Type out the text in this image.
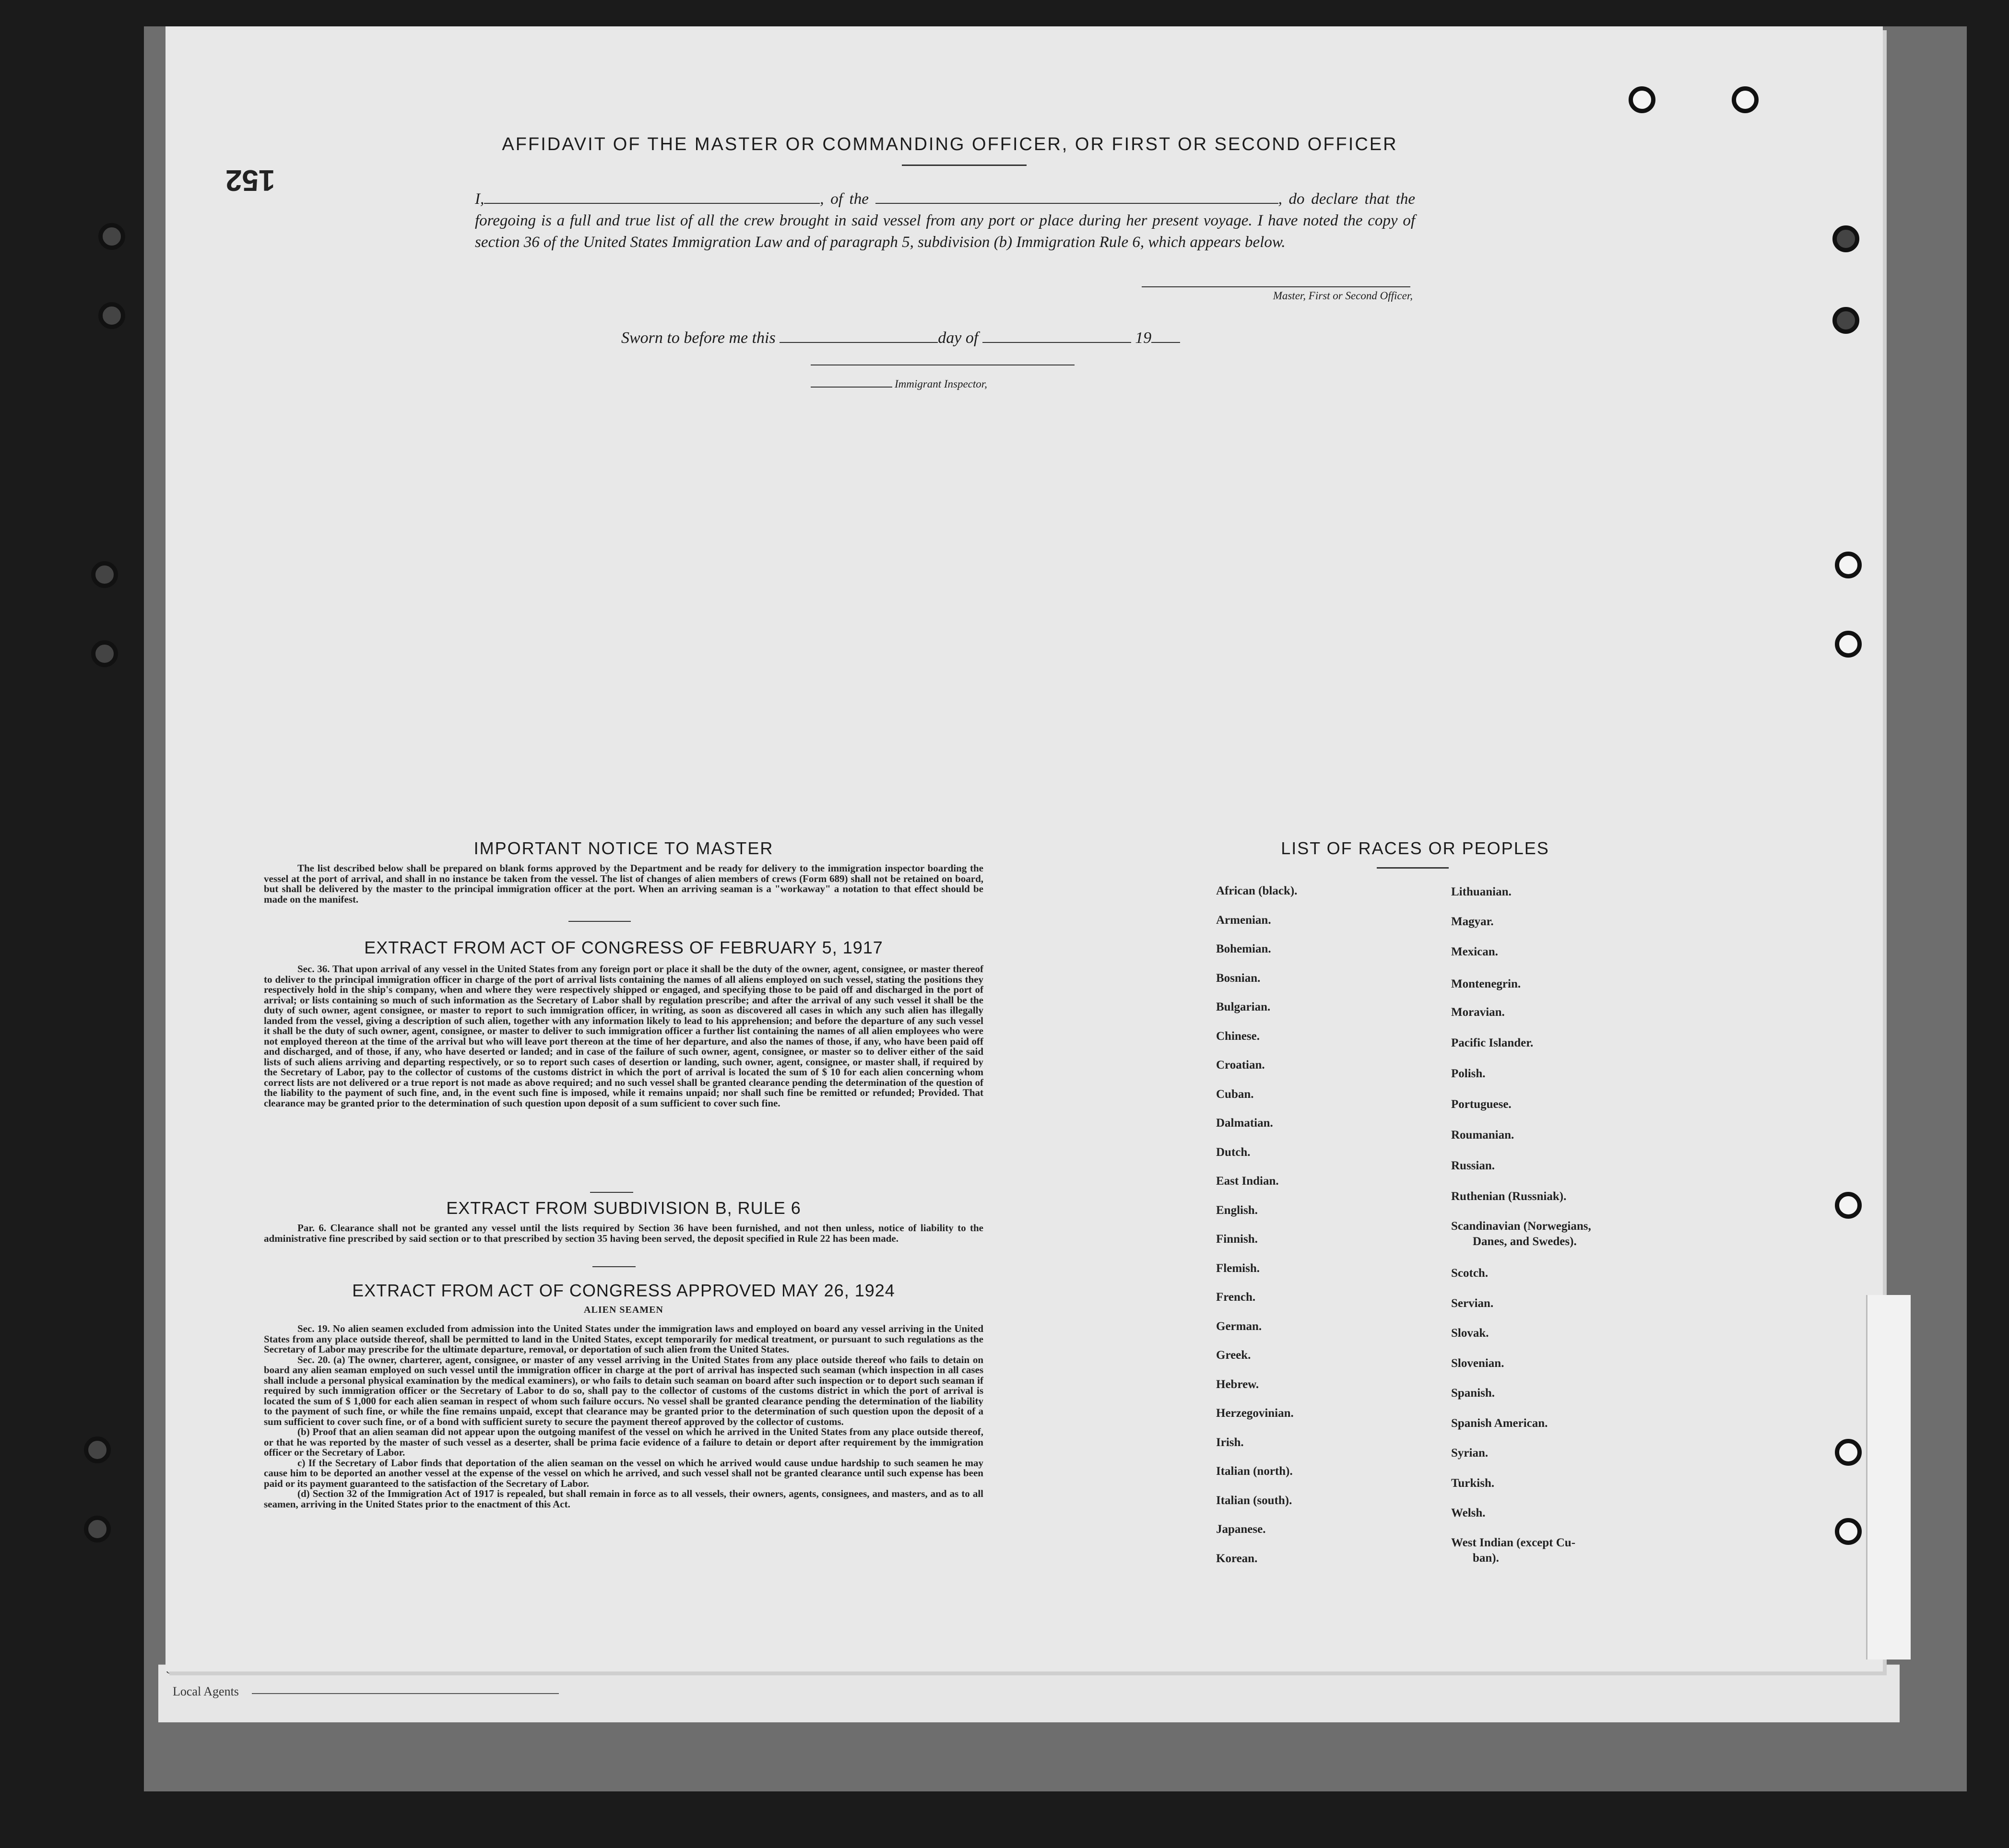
Local Agents
152
AFFIDAVIT OF THE MASTER OR COMMANDING OFFICER, OR FIRST OR SECOND OFFICER
I,	, of the	, do declare that the foregoing is a full and true list of all the crew brought in said vessel from any port or place during her present voyage. I have noted the copy of section 36 of the United States Immigration Law and of paragraph 5, subdivision (b) Immigration Rule 6, which appears below.
Master, First or Second Officer,
Sworn to before me this	day of	19
Immigrant Inspector,
IMPORTANT NOTICE TO MASTER

The list described below shall be prepared on blank forms approved by the Department and be ready for delivery to the immigration inspector boarding the vessel at the port of arrival, and shall in no instance be taken from the vessel. The list of changes of alien members of crews (Form 689) shall not be retained on board, but shall be delivered by the master to the principal immigration officer at the port. When an arriving seaman is a "workaway" a notation to that effect should be made on the manifest.

EXTRACT FROM ACT OF CONGRESS OF FEBRUARY 5, 1917

Sec. 36. That upon arrival of any vessel in the United States from any foreign port or place it shall be the duty of the owner, agent, consignee, or master thereof to deliver to the principal immigration officer in charge of the port of arrival lists containing the names of all aliens employed on such vessel, stating the positions they respectively hold in the ship's company, when and where they were respectively shipped or engaged, and specifying those to be paid off and discharged in the port of arrival; or lists containing so much of such information as the Secretary of Labor shall by regulation prescribe; and after the arrival of any such vessel it shall be the duty of such owner, agent consignee, or master to report to such immigration officer, in writing, as soon as discovered all cases in which any such alien has illegally landed from the vessel, giving a description of such alien, together with any information likely to lead to his apprehension; and before the departure of any such vessel it shall be the duty of such owner, agent, consignee, or master to deliver to such immigration officer a further list containing the names of all alien employees who were not employed thereon at the time of the arrival but who will leave port thereon at the time of her departure, and also the names of those, if any, who have been paid off and discharged, and of those, if any, who have deserted or landed; and in case of the failure of such owner, agent, consignee, or master so to deliver either of the said lists of such aliens arriving and departing respectively, or so to report such cases of desertion or landing, such owner, agent, consignee, or master shall, if required by the Secretary of Labor, pay to the collector of customs of the customs district in which the port of arrival is located the sum of $ 10 for each alien concerning whom correct lists are not delivered or a true report is not made as above required; and no such vessel shall be granted clearance pending the determination of the question of the liability to the payment of such fine, and, in the event such fine is imposed, while it remains unpaid; nor shall such fine be remitted or refunded; Provided. That clearance may be granted prior to the determination of such question upon deposit of a sum sufficient to cover such fine.

EXTRACT FROM SUBDIVISION B, RULE 6

Par. 6. Clearance shall not be granted any vessel until the lists required by Section 36 have been furnished, and not then unless, notice of liability to the administrative fine prescribed by said section or to that prescribed by section 35 having been served, the deposit specified in Rule 22 has been made.

EXTRACT FROM ACT OF CONGRESS APPROVED MAY 26, 1924
ALIEN SEAMEN

Sec. 19. No alien seamen excluded from admission into the United States under the immigration laws and employed on board any vessel arriving in the United States from any place outside thereof, shall be permitted to land in the United States, except temporarily for medical treatment, or pursuant to such regulations as the Secretary of Labor may prescribe for the ultimate departure, removal, or deportation of such alien from the United States.

Sec. 20. (a) The owner, charterer, agent, consignee, or master of any vessel arriving in the United States from any place outside thereof who fails to detain on board any alien seaman employed on such vessel until the immigration officer in charge at the port of arrival has inspected such seaman (which inspection in all cases shall include a personal physical examination by the medical examiners), or who fails to detain such seaman on board after such inspection or to deport such seaman if required by such immigration officer or the Secretary of Labor to do so, shall pay to the collector of customs of the customs district in which the port of arrival is located the sum of $ 1,000 for each alien seaman in respect of whom such failure occurs. No vessel shall be granted clearance pending the determination of the liability to the payment of such fine, or while the fine remains unpaid, except that clearance may be granted prior to the determination of such question upon the deposit of a sum sufficient to cover such fine, or of a bond with sufficient surety to secure the payment thereof approved by the collector of customs.

(b) Proof that an alien seaman did not appear upon the outgoing manifest of the vessel on which he arrived in the United States from any place outside thereof, or that he was reported by the master of such vessel as a deserter, shall be prima facie evidence of a failure to detain or deport after requirement by the immigration officer or the Secretary of Labor.

c) If the Secretary of Labor finds that deportation of the alien seaman on the vessel on which he arrived would cause undue hardship to such seamen he may cause him to be deported an another vessel at the expense of the vessel on which he arrived, and such vessel shall not be granted clearance until such expense has been paid or its payment guaranteed to the satisfaction of the Secretary of Labor.

(d) Section 32 of the Immigration Act of 1917 is repealed, but shall remain in force as to all vessels, their owners, agents, consignees, and masters, and as to all seamen, arriving in the United States prior to the enactment of this Act.

LIST OF RACES OR PEOPLES
African (black).
Armenian.
Bohemian.
Bosnian.
Bulgarian.
Chinese.
Croatian.
Cuban.
Dalmatian.
Dutch.
East Indian.
English.
Finnish.
Flemish.
French.
German.
Greek.
Hebrew.
Herzegovinian.
Irish.
Italian (north).
Italian (south).
Japanese.
Korean.
Lithuanian.
Magyar.
Mexican.
Montenegrin.
Moravian.
Pacific Islander.
Polish.
Portuguese.
Roumanian.
Russian.
Ruthenian (Russniak).
Scandinavian (Norwegians,
Danes, and Swedes).
Scotch.
Servian.
Slovak.
Slovenian.
Spanish.
Spanish American.
Syrian.
Turkish.
Welsh.
West Indian (except Cu-
ban).
